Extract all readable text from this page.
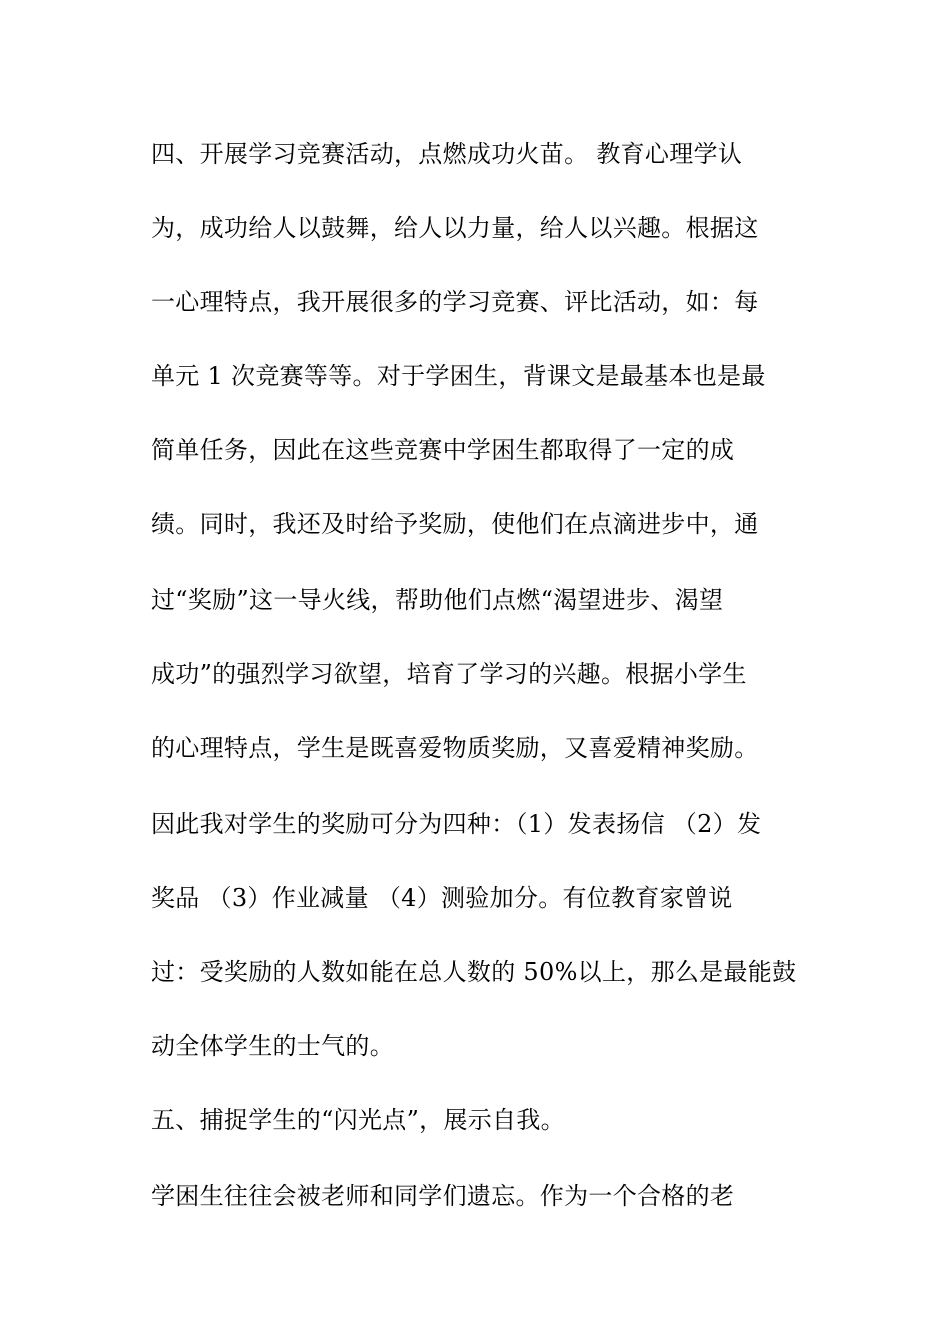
四、开展学习竞赛活动，点燃成功火苗。 教育心理学认
为，成功给人以鼓舞，给人以力量，给人以兴趣。根据这
一心理特点，我开展很多的学习竞赛、评比活动，如：每
单元 1 次竞赛等等。对于学困生，背课文是最基本也是最
简单任务，因此在这些竞赛中学困生都取得了一定的成
绩。同时，我还及时给予奖励，使他们在点滴进步中，通
过“奖励”这一导火线，帮助他们点燃“渴望进步、渴望
成功”的强烈学习欲望，培育了学习的兴趣。根据小学生
的心理特点，学生是既喜爱物质奖励，又喜爱精神奖励。
因此我对学生的奖励可分为四种：（1）发表扬信 （2）发
奖品 （3）作业减量 （4）测验加分。有位教育家曾说
过：受奖励的人数如能在总人数的 50%以上，那么是最能鼓
动全体学生的士气的。
五、捕捉学生的“闪光点”，展示自我。
学困生往往会被老师和同学们遗忘。作为一个合格的老
